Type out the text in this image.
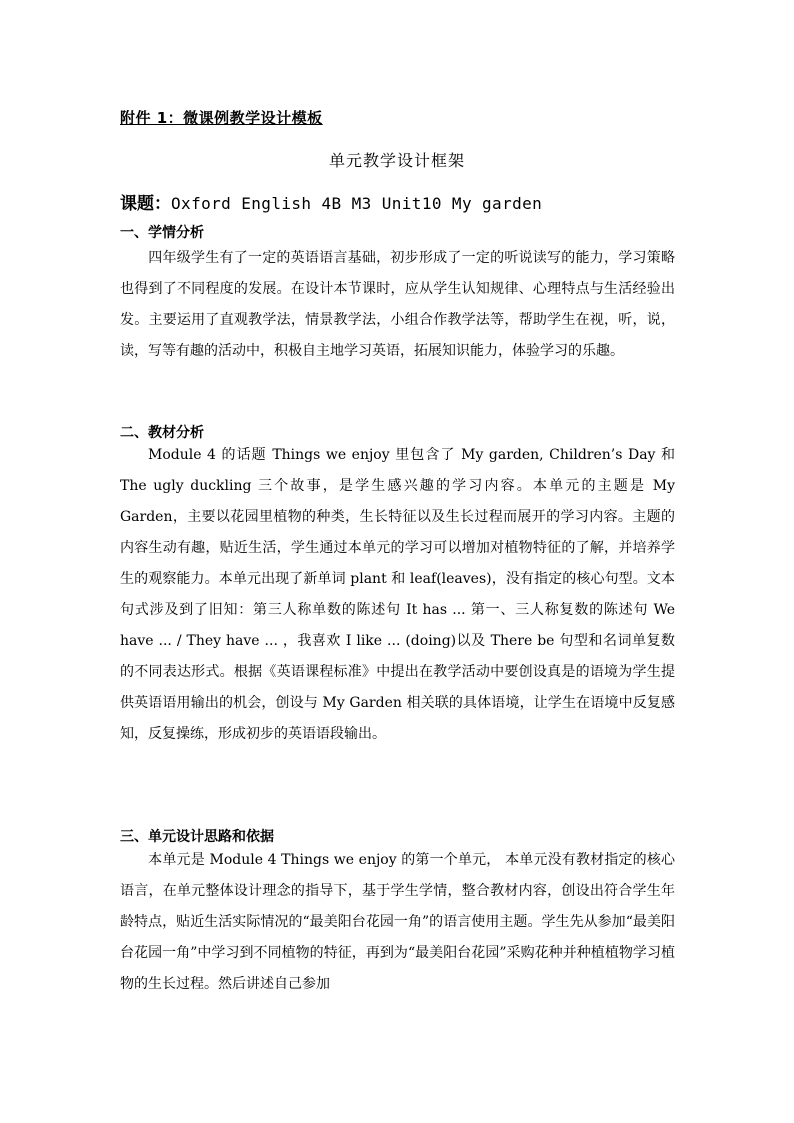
附件 1：微课例教学设计模板
单元教学设计框架
课题：Oxford English 4B M3 Unit10 My garden
一、学情分析
四年级学生有了一定的英语语言基础，初步形成了一定的听说读写的能力，学习策略也得到了不同程度的发展。在设计本节课时，应从学生认知规律、心理特点与生活经验出发。主要运用了直观教学法，情景教学法，小组合作教学法等，帮助学生在视，听，说，读，写等有趣的活动中，积极自主地学习英语，拓展知识能力，体验学习的乐趣。
二、教材分析
Module 4 的话题 Things we enjoy 里包含了 My garden, Children’s Day 和 The ugly duckling 三个故事，是学生感兴趣的学习内容。本单元的主题是 My Garden，主要以花园里植物的种类，生长特征以及生长过程而展开的学习内容。主题的内容生动有趣，贴近生活，学生通过本单元的学习可以增加对植物特征的了解，并培养学生的观察能力。本单元出现了新单词 plant 和 leaf(leaves)，没有指定的核心句型。文本句式涉及到了旧知：第三人称单数的陈述句 It has ... 第一、三人称复数的陈述句 We have ... / They have ... ，我喜欢 I like ... (doing)以及 There be 句型和名词单复数的不同表达形式。根据《英语课程标准》中提出在教学活动中要创设真是的语境为学生提供英语语用输出的机会，创设与 My Garden 相关联的具体语境，让学生在语境中反复感知，反复操练，形成初步的英语语段输出。
三、单元设计思路和依据
本单元是 Module 4 Things we enjoy 的第一个单元， 本单元没有教材指定的核心语言，在单元整体设计理念的指导下，基于学生学情，整合教材内容，创设出符合学生年龄特点，贴近生活实际情况的“最美阳台花园一角”的语言使用主题。学生先从参加“最美阳台花园一角”中学习到不同植物的特征，再到为“最美阳台花园”采购花种并种植植物学习植物的生长过程。然后讲述自己参加
